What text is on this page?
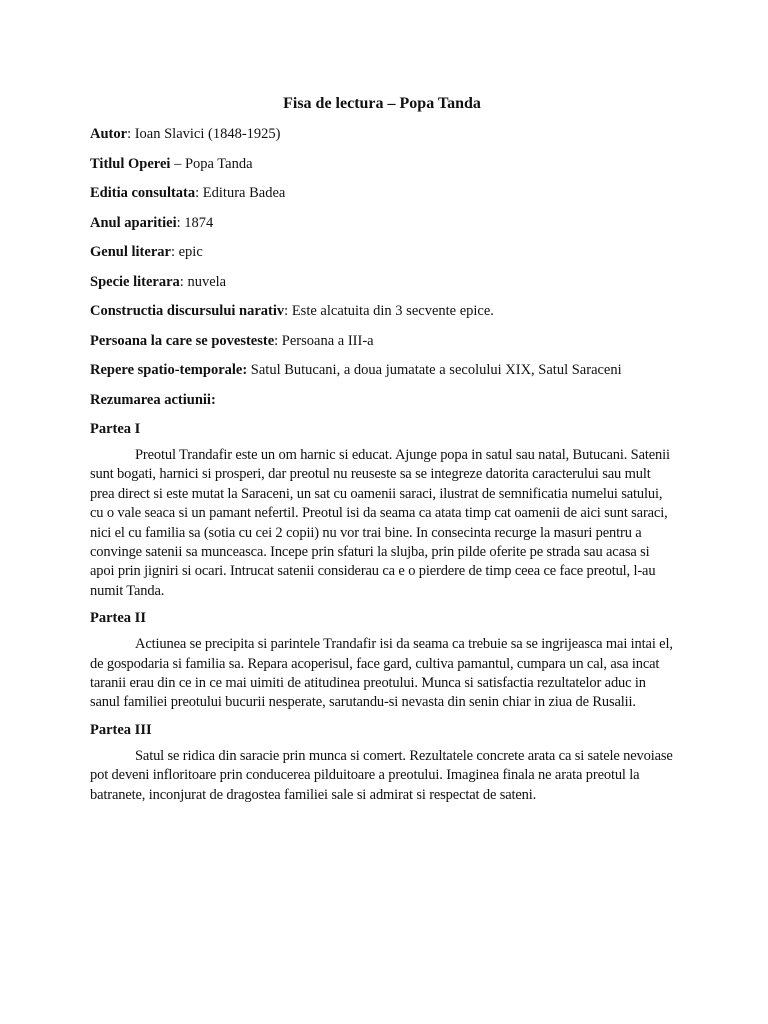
Fisa de lectura – Popa Tanda
Autor: Ioan Slavici (1848-1925)
Titlul Operei – Popa Tanda
Editia consultata: Editura Badea
Anul aparitiei: 1874
Genul literar: epic
Specie literara: nuvela
Constructia discursului narativ: Este alcatuita din 3 secvente epice.
Persoana la care se povesteste: Persoana a III-a
Repere spatio-temporale: Satul Butucani, a doua jumatate a secolului XIX, Satul Saraceni
Rezumarea actiunii:
Partea I
Preotul Trandafir este un om harnic si educat. Ajunge popa in satul sau natal, Butucani. Satenii sunt bogati, harnici si prosperi, dar preotul nu reuseste sa se integreze datorita caracterului sau mult prea direct si este mutat la Saraceni, un sat cu oamenii saraci, ilustrat de semnificatia numelui satului, cu o vale seaca si un pamant nefertil. Preotul isi da seama ca atata timp cat oamenii de aici sunt saraci, nici el cu familia sa (sotia cu cei 2 copii) nu vor trai bine. In consecinta recurge la masuri pentru a convinge satenii sa munceasca. Incepe prin sfaturi la slujba, prin pilde oferite pe strada sau acasa si apoi prin jigniri si ocari. Intrucat satenii considerau ca e o pierdere de timp ceea ce face preotul, l-au numit Tanda.
Partea II
Actiunea se precipita si parintele Trandafir isi da seama ca trebuie sa se ingrijeasca mai intai el, de gospodaria si familia sa. Repara acoperisul, face gard, cultiva pamantul, cumpara un cal, asa incat taranii erau din ce in ce mai uimiti de atitudinea preotului. Munca si satisfactia rezultatelor aduc in sanul familiei preotului bucurii nesperate, sarutandu-si nevasta din senin chiar in ziua de Rusalii.
Partea III
Satul se ridica din saracie prin munca si comert. Rezultatele concrete arata ca si satele nevoiase pot deveni infloritoare prin conducerea pilduitoare a preotului. Imaginea finala ne arata preotul la batranete, inconjurat de dragostea familiei sale si admirat si respectat de sateni.
